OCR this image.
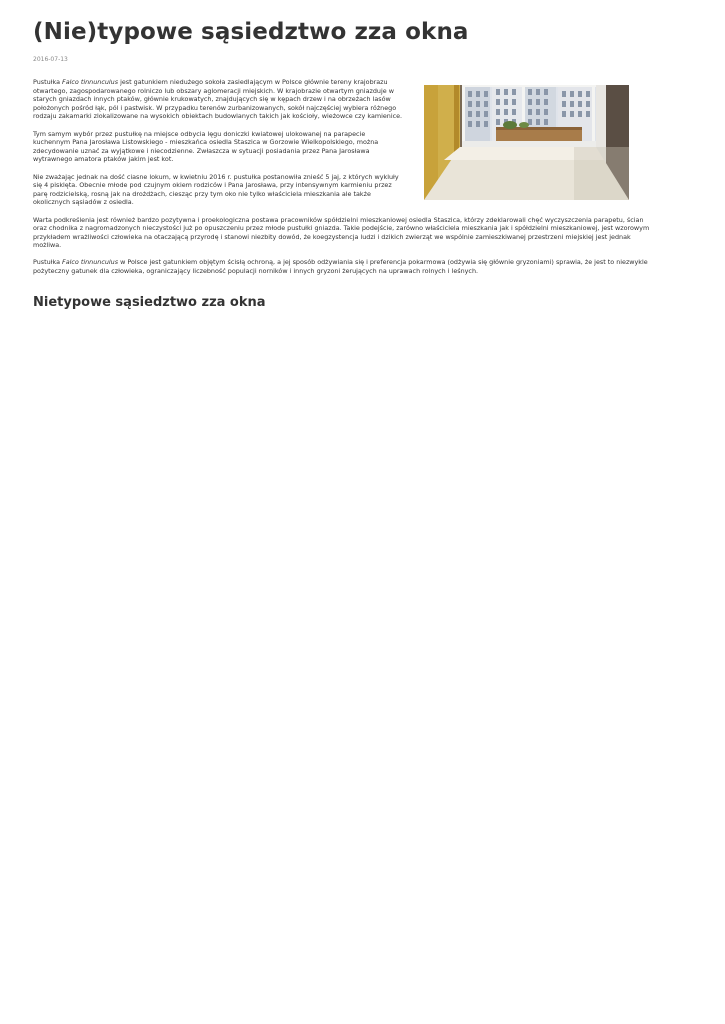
(Nie)typowe sąsiedztwo zza okna
2016-07-13

Pustułka Falco tinnunculus jest gatunkiem niedużego sokoła zasiedlającym w Polsce głównie tereny krajobrazu otwartego, zagospodarowanego rolniczo lub obszary aglomeracji miejskich. W krajobrazie otwartym gniazduje w starych gniazdach innych ptaków, głównie krukowatych, znajdujących się w kępach drzew i na obrzeżach lasów położonych pośród łąk, pól i pastwisk. W przypadku terenów zurbanizowanych, sokół najczęściej wybiera różnego rodzaju zakamarki zlokalizowane na wysokich obiektach budowlanych takich jak kościoły, wieżowce czy kamienice.

Tym samym wybór przez pustułkę na miejsce odbycia lęgu doniczki kwiatowej ulokowanej na parapecie kuchennym Pana Jarosława Listowskiego - mieszkańca osiedla Staszica w Gorzowie Wielkopolskiego, można zdecydowanie uznać za wyjątkowe i niecodzienne. Zwłaszcza w sytuacji posiadania przez Pana Jarosława wytrawnego amatora ptaków jakim jest kot.

Nie zważając jednak na dość ciasne lokum, w kwietniu 2016 r. pustułka postanowiła znieść 5 jaj, z których wykluły się 4 pisklęta. Obecnie młode pod czujnym okiem rodziców i Pana Jarosława, przy intensywnym karmieniu przez parę rodzicielską, rosną jak na drożdżach, ciesząc przy tym oko nie tylko właściciela mieszkania ale także okolicznych sąsiadów z osiedla.

Warta podkreślenia jest również bardzo pozytywna i proekologiczna postawa pracowników spółdzielni mieszkaniowej osiedla Staszica, którzy zdeklarowali chęć wyczyszczenia parapetu, ścian oraz chodnika z nagromadzonych nieczystości już po opuszczeniu przez młode pustułki gniazda. Takie podejście, zarówno właściciela mieszkania jak i spółdzielni mieszkaniowej, jest wzorowym przykładem wrażliwości człowieka na otaczającą przyrodę i stanowi niezbity dowód, że koegzystencja ludzi i dzikich zwierząt we wspólnie zamieszkiwanej przestrzeni miejskiej jest jednak możliwa.

Pustułka Falco tinnunculus w Polsce jest gatunkiem objętym ścisłą ochroną, a jej sposób odżywiania się i preferencja pokarmowa (odżywia się głównie gryzoniami) sprawia, że jest to niezwykle pożyteczny gatunek dla człowieka, ograniczający liczebność populacji norników i innych gryzoni żerujących na uprawach rolnych i leśnych.

Nietypowe sąsiedztwo zza okna
